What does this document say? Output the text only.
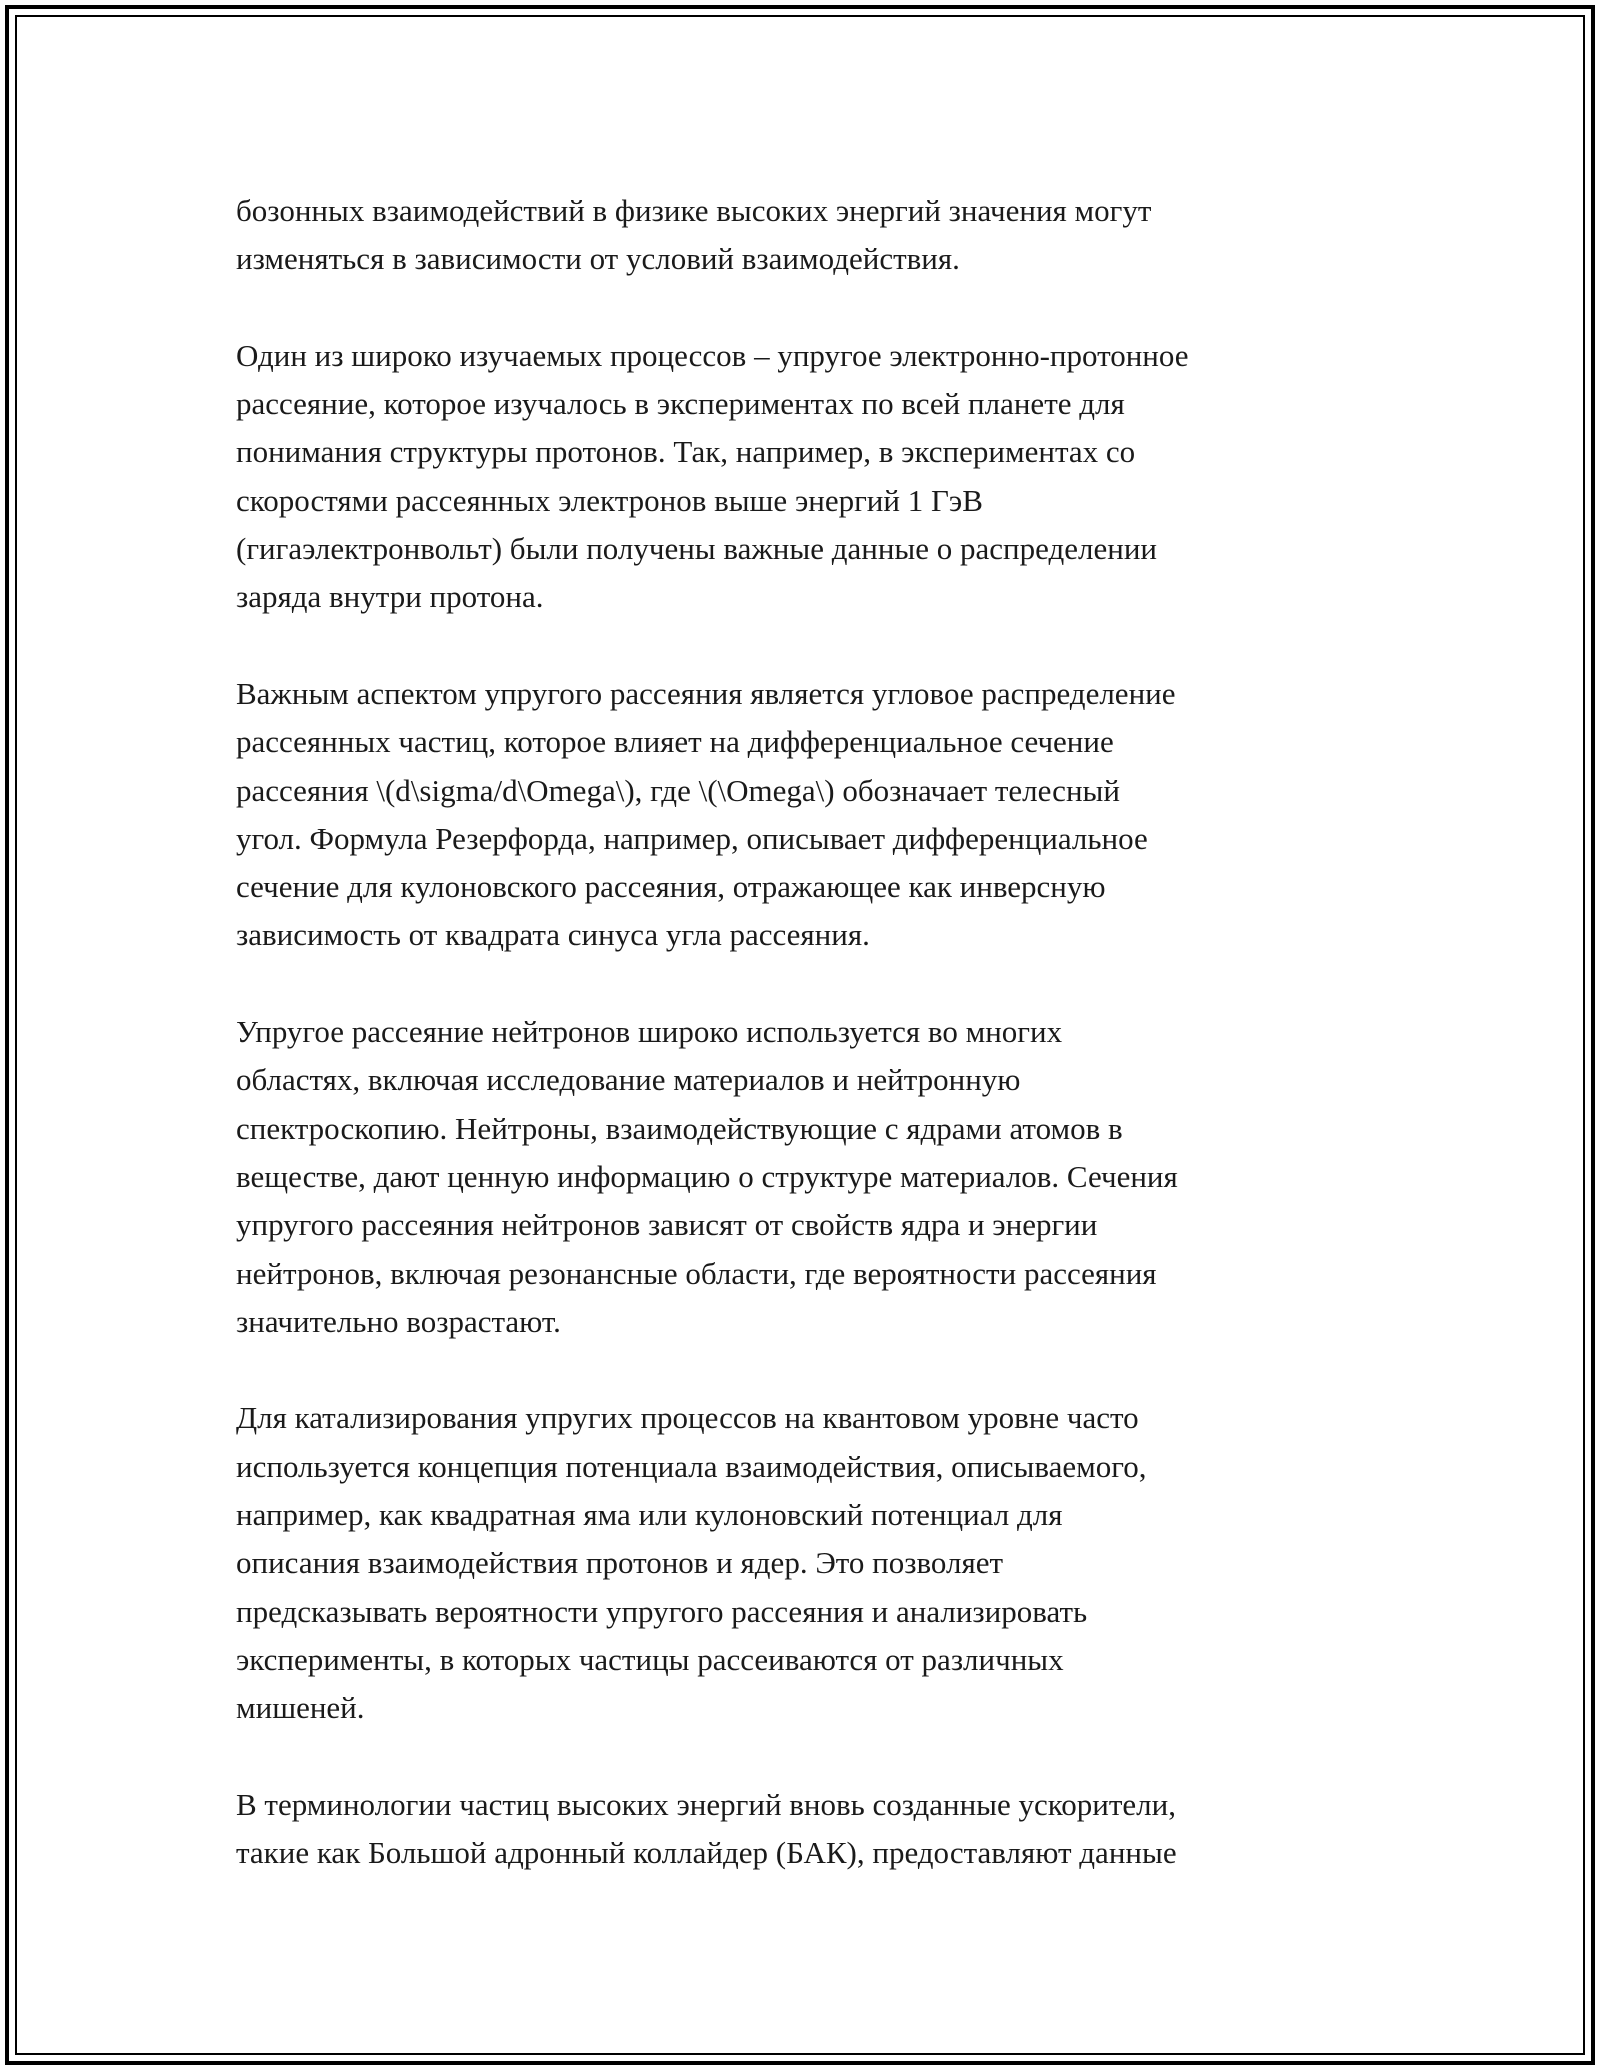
бозонных взаимодействий в физике высоких энергий значения могут
изменяться в зависимости от условий взаимодействия.

Один из широко изучаемых процессов – упругое электронно-протонное
рассеяние, которое изучалось в экспериментах по всей планете для
понимания структуры протонов. Так, например, в экспериментах со
скоростями рассеянных электронов выше энергий 1 ГэВ
(гигаэлектронвольт) были получены важные данные о распределении
заряда внутри протона.

Важным аспектом упругого рассеяния является угловое распределение
рассеянных частиц, которое влияет на дифференциальное сечение
рассеяния \(d\sigma/d\Omega\), где \(\Omega\) обозначает телесный
угол. Формула Резерфорда, например, описывает дифференциальное
сечение для кулоновского рассеяния, отражающее как инверсную
зависимость от квадрата синуса угла рассеяния.

Упругое рассеяние нейтронов широко используется во многих
областях, включая исследование материалов и нейтронную
спектроскопию. Нейтроны, взаимодействующие с ядрами атомов в
веществе, дают ценную информацию о структуре материалов. Сечения
упругого рассеяния нейтронов зависят от свойств ядра и энергии
нейтронов, включая резонансные области, где вероятности рассеяния
значительно возрастают.

Для катализирования упругих процессов на квантовом уровне часто
используется концепция потенциала взаимодействия, описываемого,
например, как квадратная яма или кулоновский потенциал для
описания взаимодействия протонов и ядер. Это позволяет
предсказывать вероятности упругого рассеяния и анализировать
эксперименты, в которых частицы рассеиваются от различных
мишеней.

В терминологии частиц высоких энергий вновь созданные ускорители,
такие как Большой адронный коллайдер (БАК), предоставляют данные
